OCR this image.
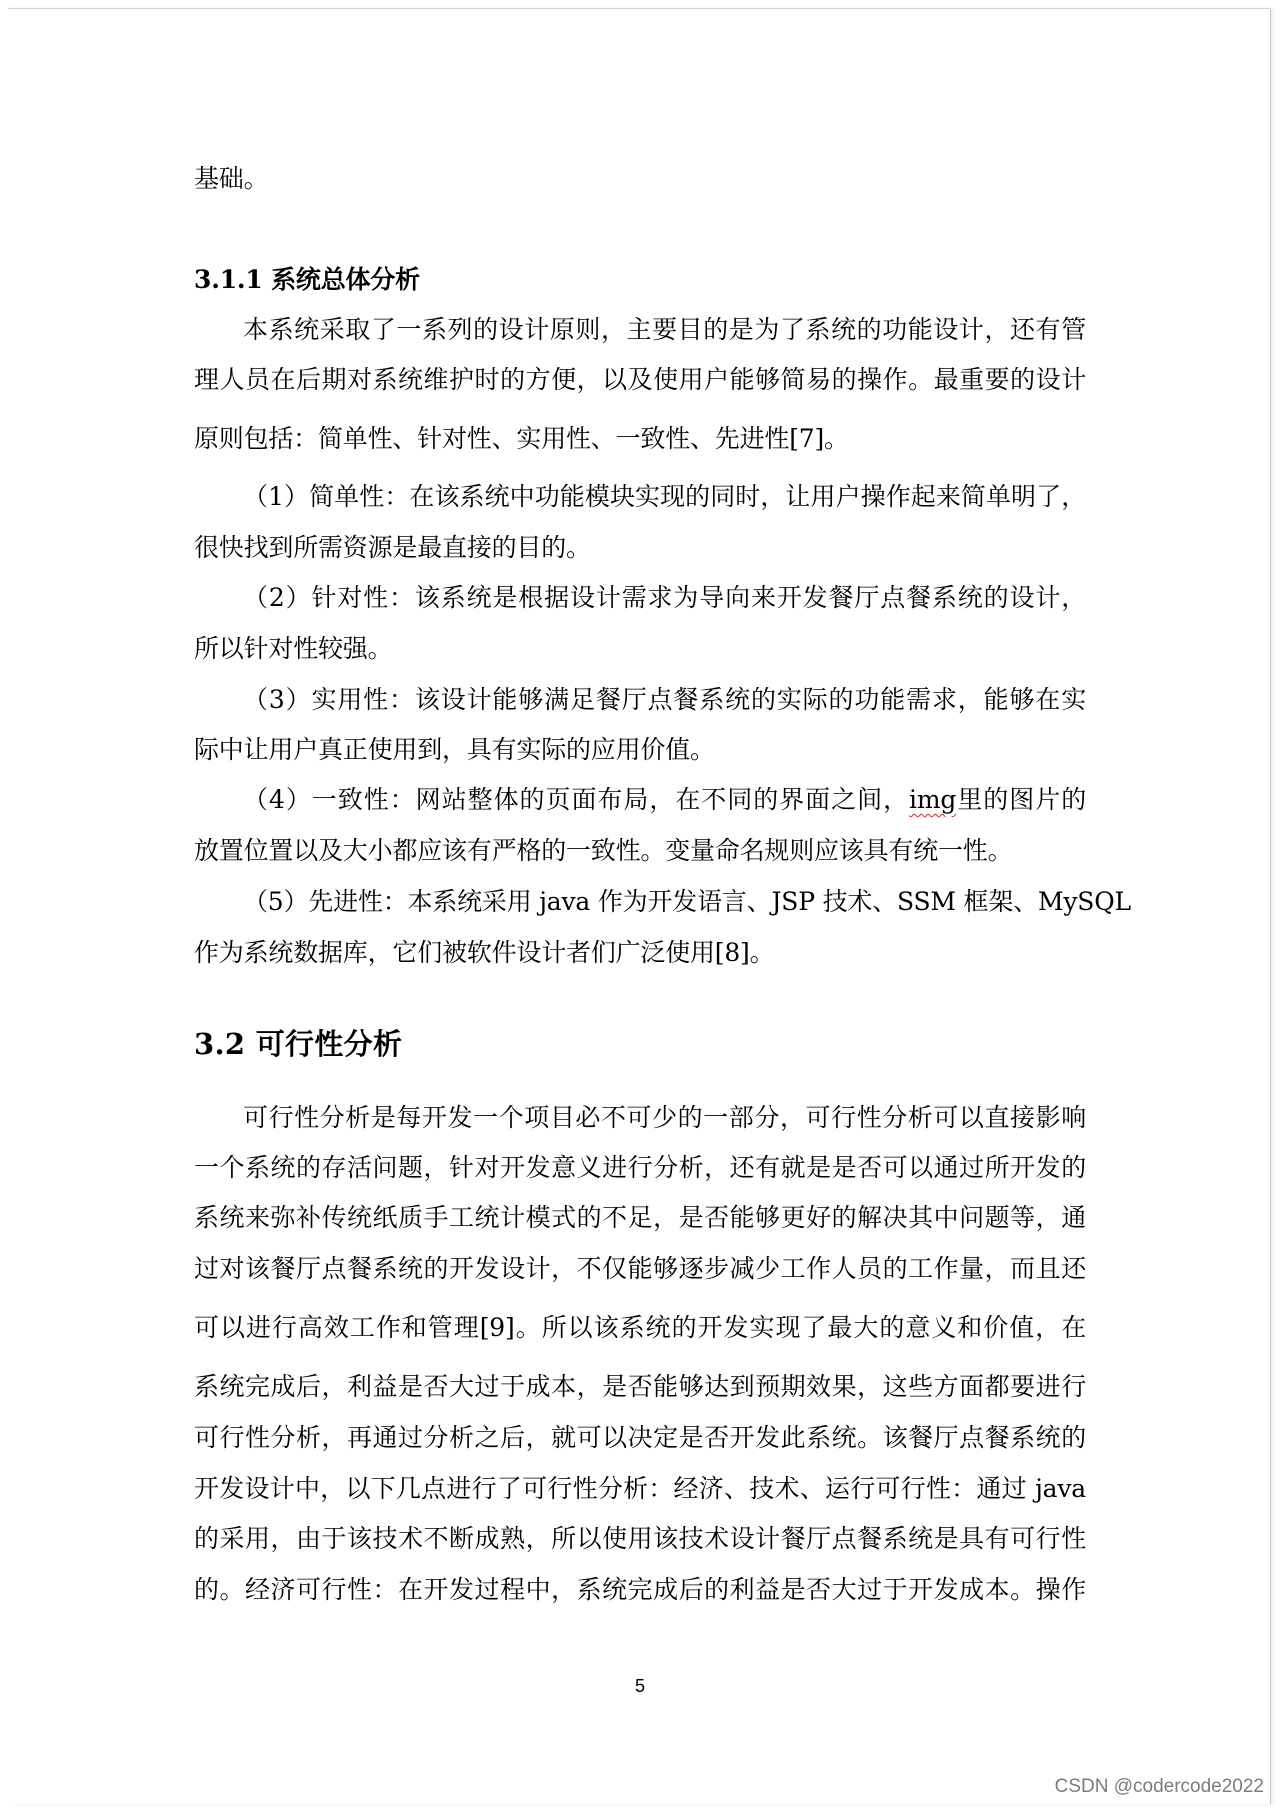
基础。
3.1.1 系统总体分析
本系统采取了一系列的设计原则，主要目的是为了系统的功能设计，还有管
理人员在后期对系统维护时的方便，以及使用户能够简易的操作。最重要的设计
原则包括：简单性、针对性、实用性、一致性、先进性[7]。
（1）简单性：在该系统中功能模块实现的同时，让用户操作起来简单明了，
很快找到所需资源是最直接的目的。
（2）针对性：该系统是根据设计需求为导向来开发餐厅点餐系统的设计，
所以针对性较强。
（3）实用性：该设计能够满足餐厅点餐系统的实际的功能需求，能够在实
际中让用户真正使用到，具有实际的应用价值。
（4）一致性：网站整体的页面布局，在不同的界面之间，img里的图片的
放置位置以及大小都应该有严格的一致性。变量命名规则应该具有统一性。
（5）先进性：本系统采用 java 作为开发语言、JSP 技术、SSM 框架、MySQL
作为系统数据库，它们被软件设计者们广泛使用[8]。
3.2 可行性分析
可行性分析是每开发一个项目必不可少的一部分，可行性分析可以直接影响
一个系统的存活问题，针对开发意义进行分析，还有就是是否可以通过所开发的
系统来弥补传统纸质手工统计模式的不足，是否能够更好的解决其中问题等，通
过对该餐厅点餐系统的开发设计，不仅能够逐步减少工作人员的工作量，而且还
可以进行高效工作和管理[9]。所以该系统的开发实现了最大的意义和价值，在
系统完成后，利益是否大过于成本，是否能够达到预期效果，这些方面都要进行
可行性分析，再通过分析之后，就可以决定是否开发此系统。该餐厅点餐系统的
开发设计中，以下几点进行了可行性分析：经济、技术、运行可行性：通过 java
的采用，由于该技术不断成熟，所以使用该技术设计餐厅点餐系统是具有可行性
的。经济可行性：在开发过程中，系统完成后的利益是否大过于开发成本。操作
5
CSDN @codercode2022
